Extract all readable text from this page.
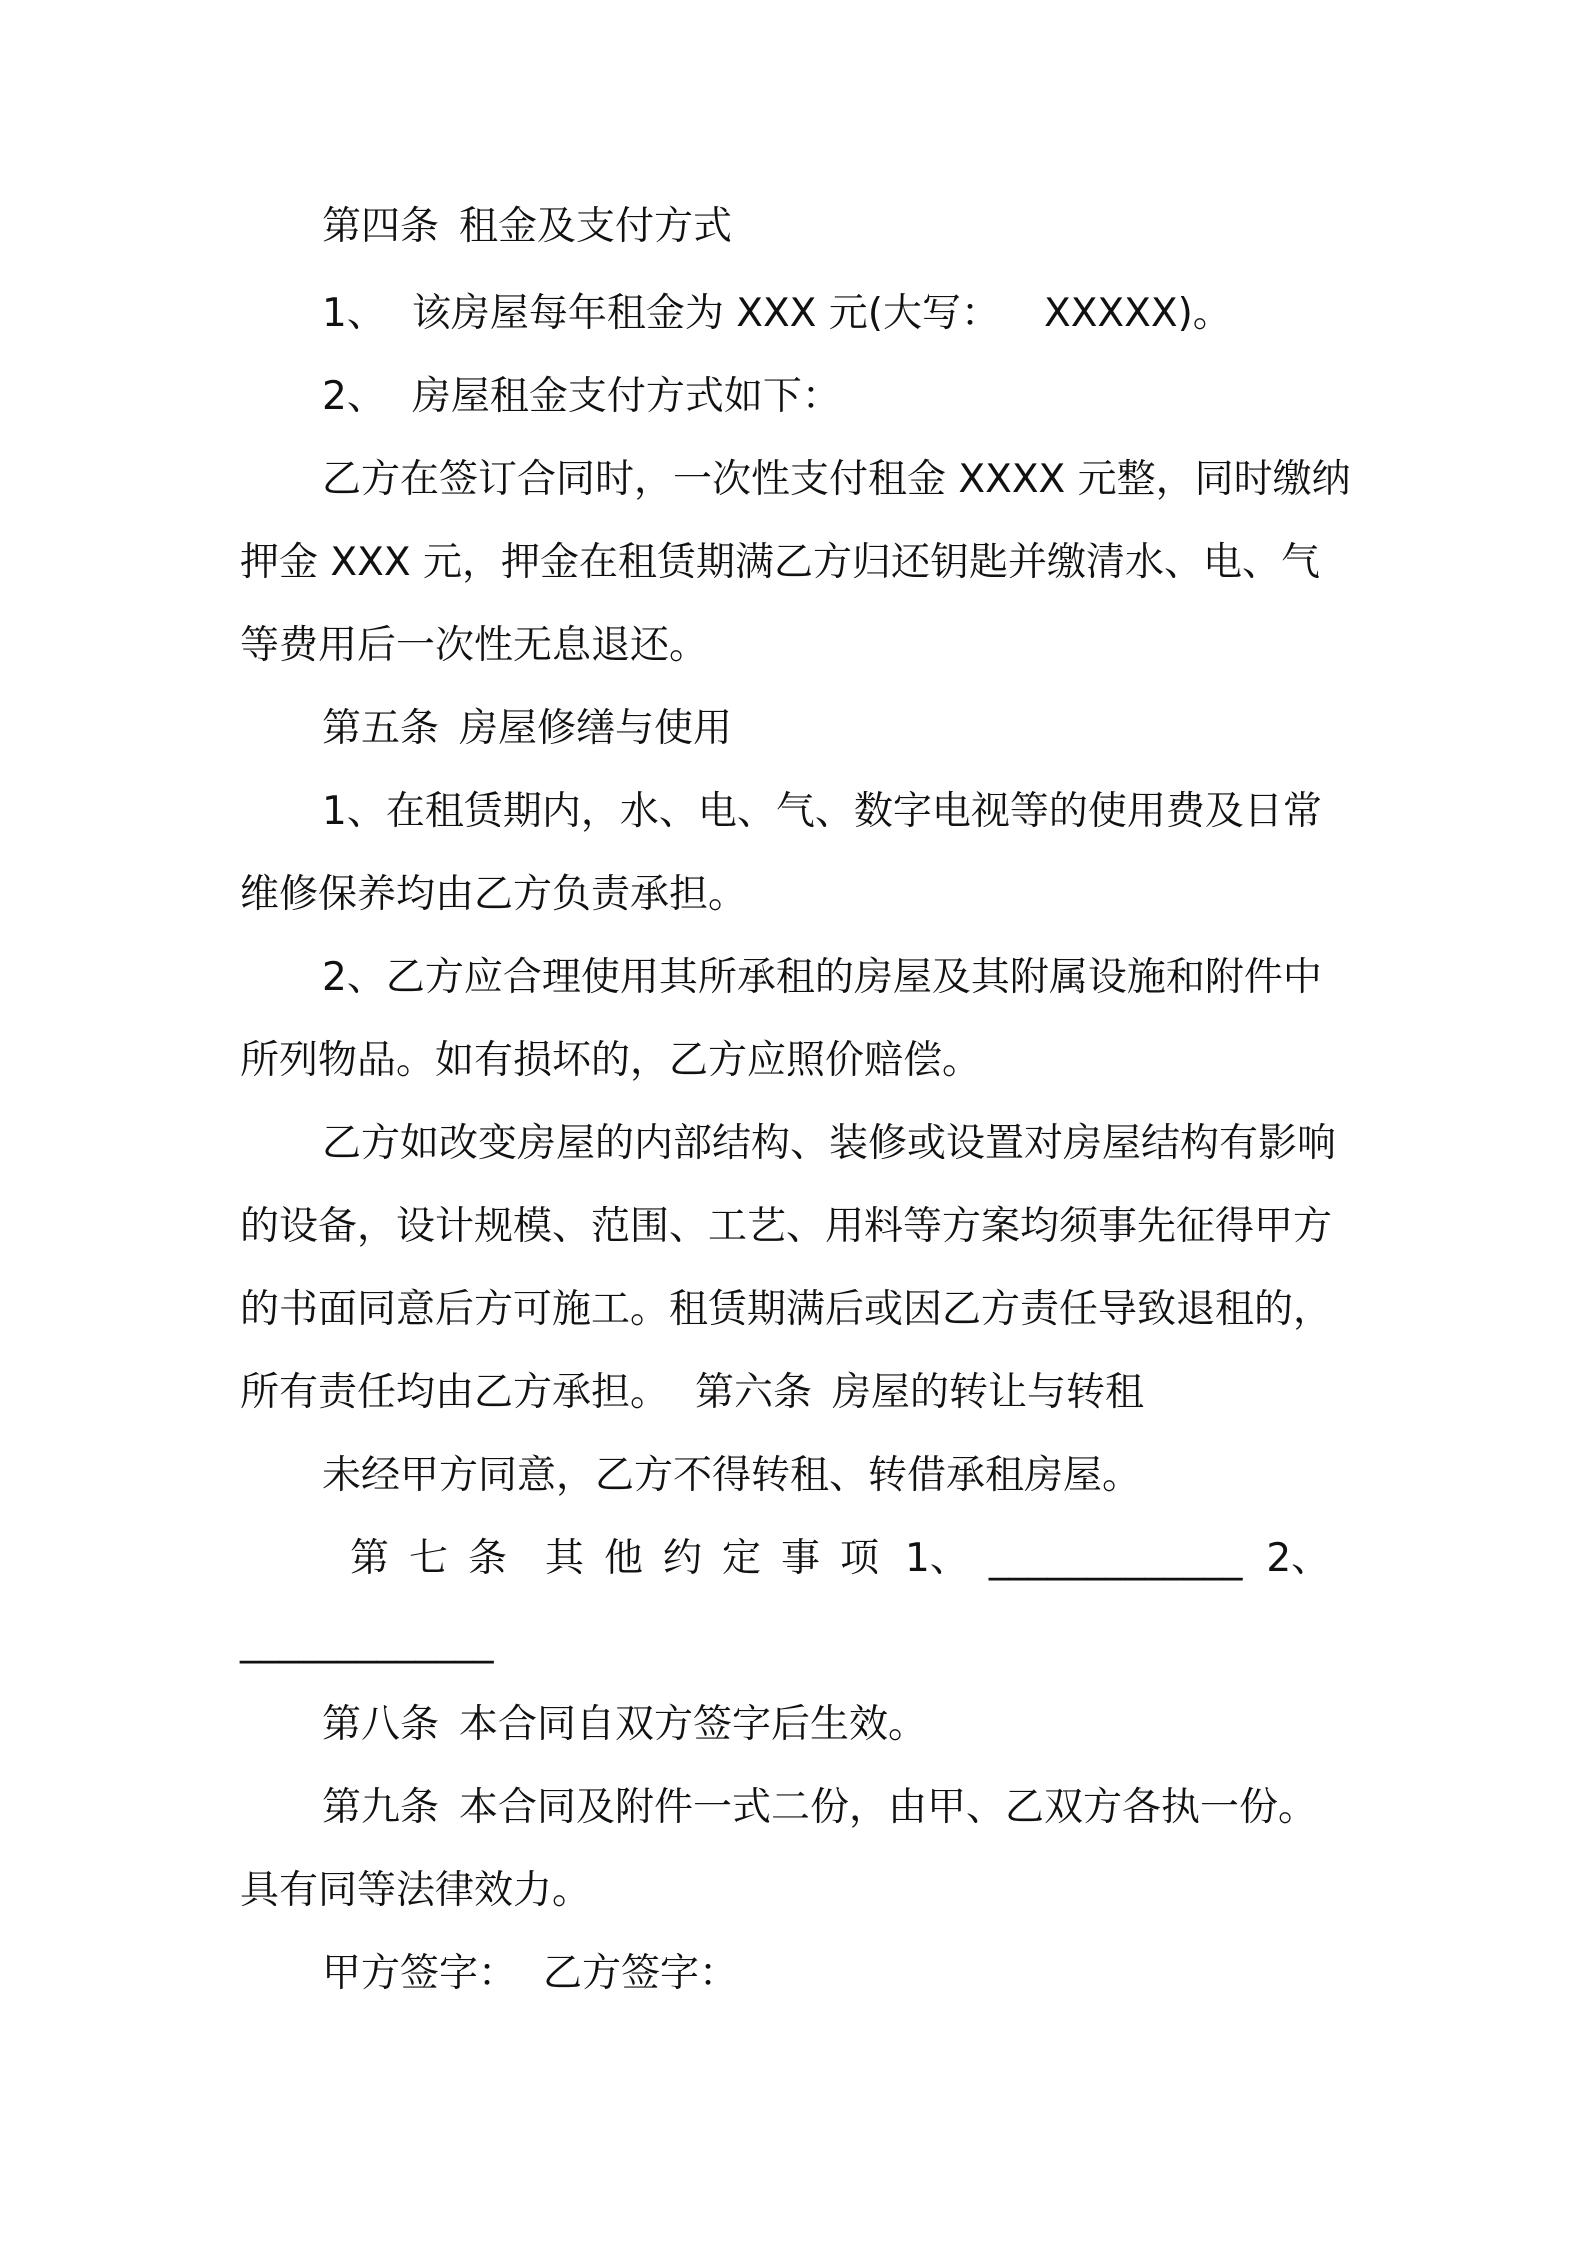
第四条 租金及支付方式
1、 该房屋每年租金为 XXX 元(大写： XXXXX)。
2、 房屋租金支付方式如下：
乙方在签订合同时，一次性支付租金 XXXX 元整，同时缴纳
押金 XXX 元，押金在租赁期满乙方归还钥匙并缴清水、电、气
等费用后一次性无息退还。
第五条 房屋修缮与使用
1、在租赁期内，水、电、气、数字电视等的使用费及日常
维修保养均由乙方负责承担。
2、乙方应合理使用其所承租的房屋及其附属设施和附件中
所列物品。如有损坏的，乙方应照价赔偿。
乙方如改变房屋的内部结构、装修或设置对房屋结构有影响
的设备，设计规模、范围、工艺、用料等方案均须事先征得甲方
的书面同意后方可施工。租赁期满后或因乙方责任导致退租的，
所有责任均由乙方承担。 第六条 房屋的转让与转租
未经甲方同意，乙方不得转租、转借承租房屋。
第七条 其他约定事项 1、 _____________ 2、
_____________
第八条 本合同自双方签字后生效。
第九条 本合同及附件一式二份，由甲、乙双方各执一份。
具有同等法律效力。
甲方签字： 乙方签字：
